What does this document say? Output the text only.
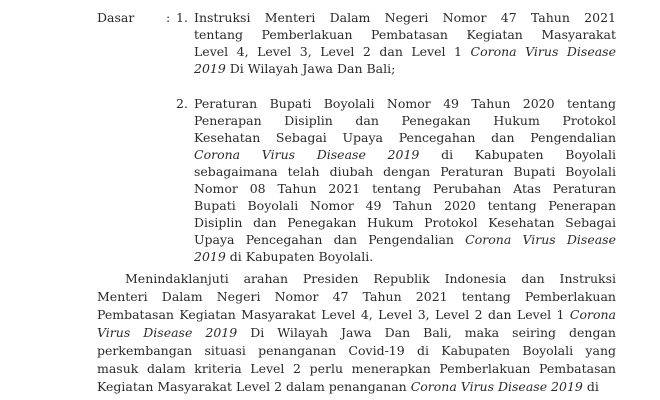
Dasar	: 1. Instruksi Menteri Dalam Negeri Nomor 47 Tahun 2021
tentang Pemberlakuan Pembatasan Kegiatan Masyarakat
Level 4, Level 3, Level 2 dan Level 1 Corona Virus Disease
2019 Di Wilayah Jawa Dan Bali;
2. Peraturan Bupati Boyolali Nomor 49 Tahun 2020 tentang
Penerapan Disiplin dan Penegakan Hukum Protokol
Kesehatan Sebagai Upaya Pencegahan dan Pengendalian
Corona Virus Disease 2019 di Kabupaten Boyolali
sebagaimana telah diubah dengan Peraturan Bupati Boyolali
Nomor 08 Tahun 2021 tentang Perubahan Atas Peraturan
Bupati Boyolali Nomor 49 Tahun 2020 tentang Penerapan
Disiplin dan Penegakan Hukum Protokol Kesehatan Sebagai
Upaya Pencegahan dan Pengendalian Corona Virus Disease
2019 di Kabupaten Boyolali.
Menindaklanjuti arahan Presiden Republik Indonesia dan Instruksi
Menteri Dalam Negeri Nomor 47 Tahun 2021 tentang Pemberlakuan
Pembatasan Kegiatan Masyarakat Level 4, Level 3, Level 2 dan Level 1 Corona
Virus Disease 2019 Di Wilayah Jawa Dan Bali, maka seiring dengan
perkembangan situasi penanganan Covid-19 di Kabupaten Boyolali yang
masuk dalam kriteria Level 2 perlu menerapkan Pemberlakuan Pembatasan
Kegiatan Masyarakat Level 2 dalam penanganan Corona Virus Disease 2019 di
